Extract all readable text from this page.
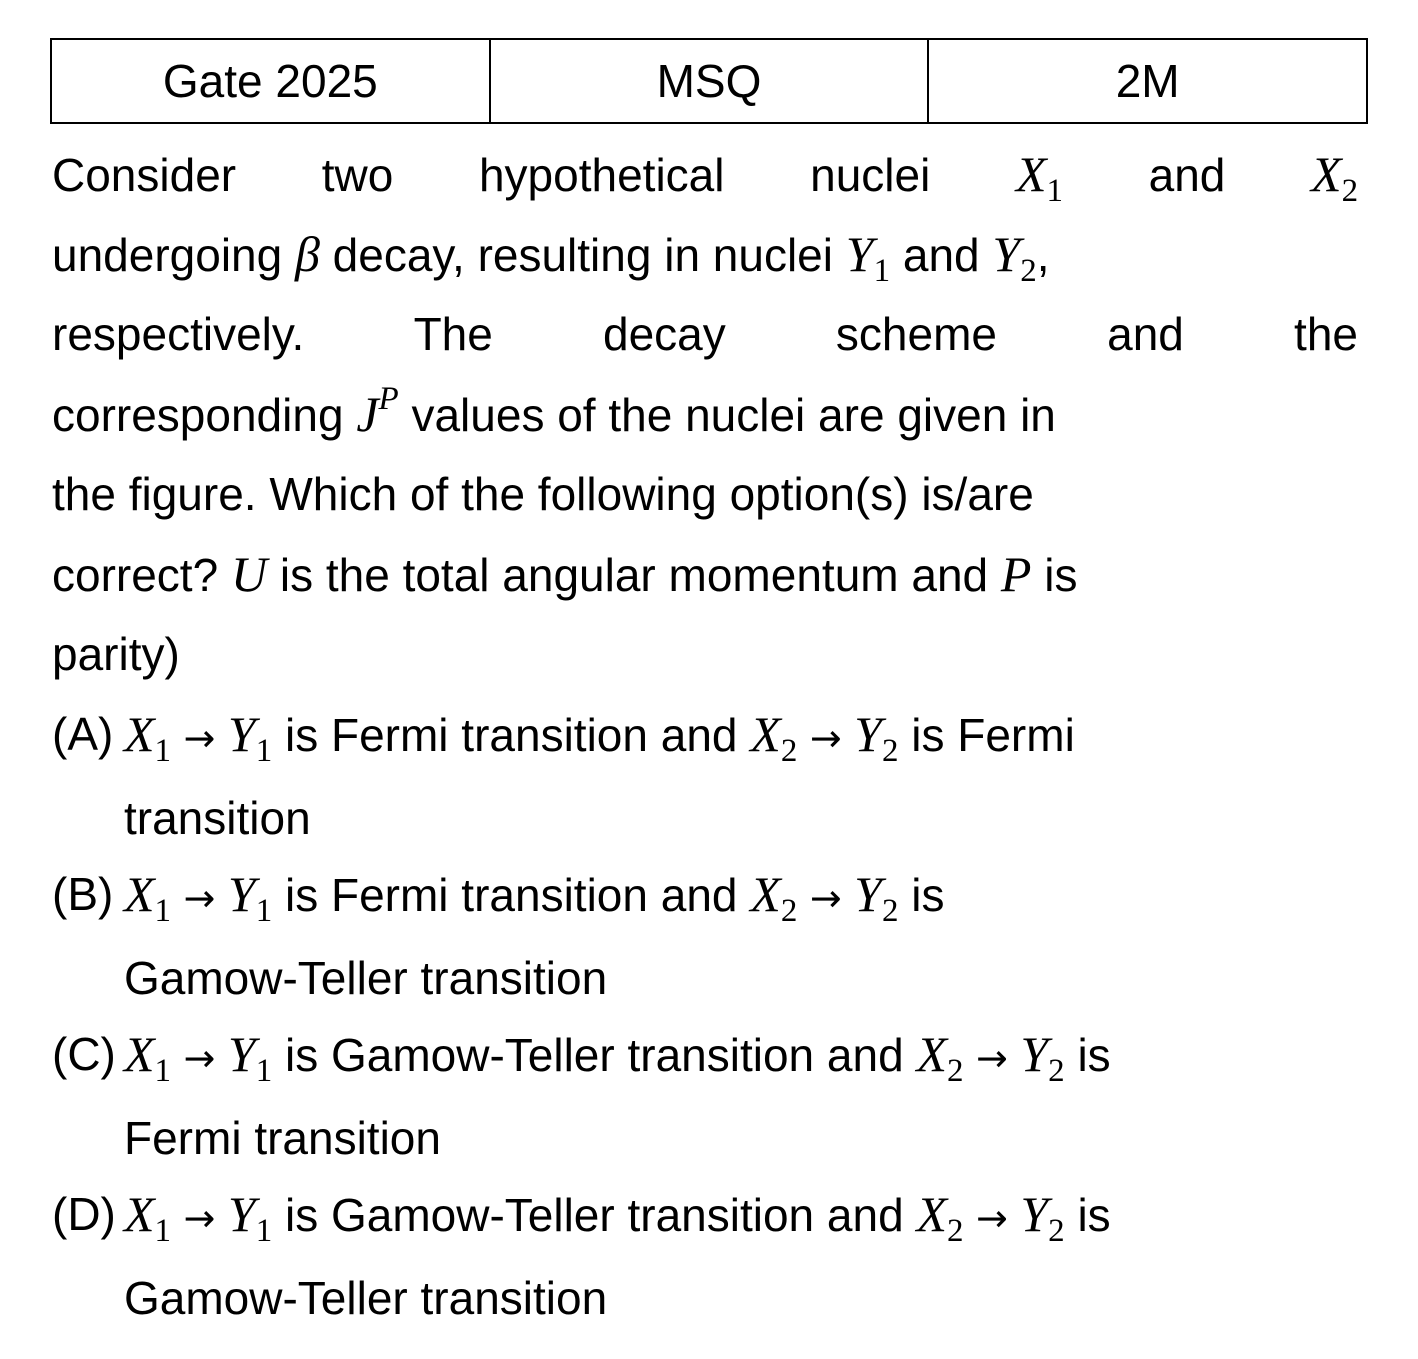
Gate 2025	MSQ	2M
Consider two hypothetical nuclei $X_1$ and $X_2$
undergoing β decay, resulting in nuclei $Y_1$ and $Y_2$,
respectively. The decay scheme and the
corresponding $J^P$ values of the nuclei are given in
the figure. Which of the following option(s) is/are
correct? U is the total angular momentum and P is
parity)
(A) $X_1 \to Y_1$ is Fermi transition and $X_2 \to Y_2$ is Fermi
transition
(B) $X_1 \to Y_1$ is Fermi transition and $X_2 \to Y_2$ is
Gamow-Teller transition
(C) $X_1 \to Y_1$ is Gamow-Teller transition and $X_2 \to Y_2$ is
Fermi transition
(D) $X_1 \to Y_1$ is Gamow-Teller transition and $X_2 \to Y_2$ is
Gamow-Teller transition
